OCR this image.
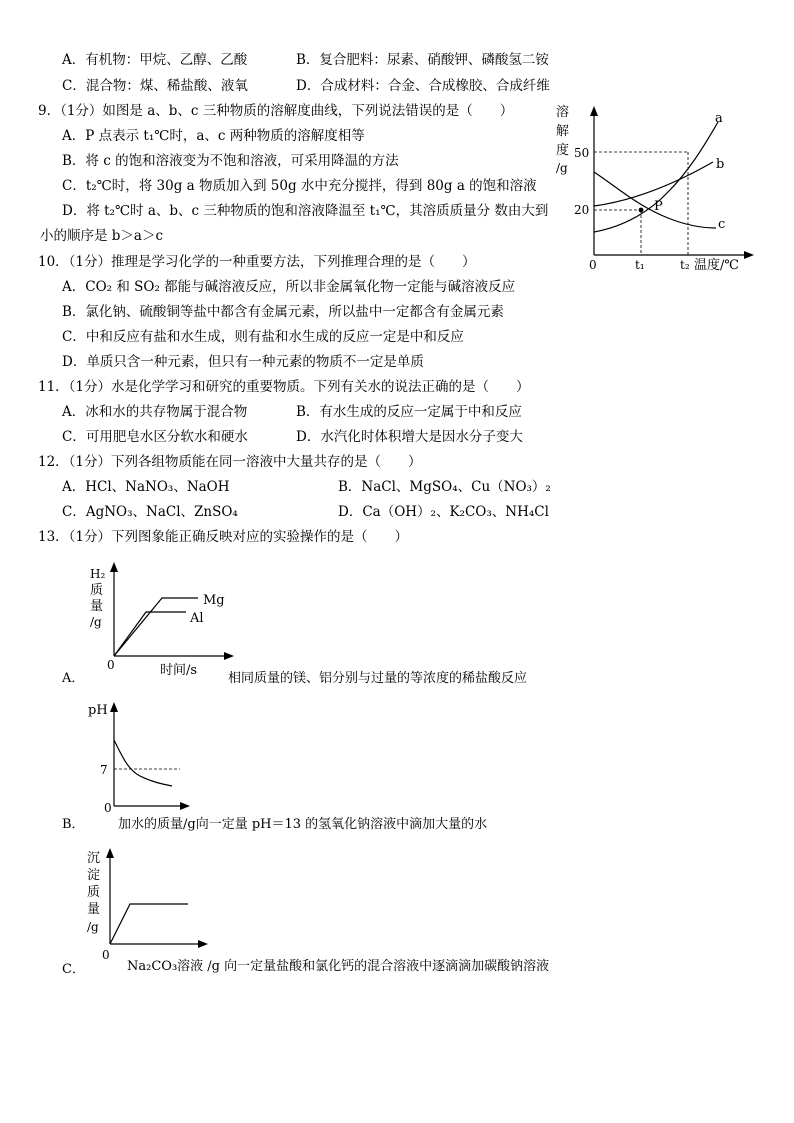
A．有机物：甲烷、乙醇、乙酸	B．复合肥料：尿素、硝酸钾、磷酸氢二铵
C．混合物：煤、稀盐酸、液氧	D．合成材料：合金、合成橡胶、合成纤维
9．（1分）如图是 a、b、c 三种物质的溶解度曲线，下列说法错误的是（　　）
A．P 点表示 t₁℃时，a、c 两种物质的溶解度相等
B．将 c 的饱和溶液变为不饱和溶液，可采用降温的方法
C．t₂℃时，将 30g a 物质加入到 50g 水中充分搅拌，得到 80g a 的饱和溶液
D．将 t₂℃时 a、b、c 三种物质的饱和溶液降温至 t₁℃，其溶质质量分 数由大到
小的顺序是 b＞a＞c
溶
解
度
/g
50
20
0	t₁	t₂ 温度/℃
P
a
b
c
10．（1分）推理是学习化学的一种重要方法，下列推理合理的是（　　）
A．CO₂ 和 SO₂ 都能与碱溶液反应，所以非金属氧化物一定能与碱溶液反应
B．氯化钠、硫酸铜等盐中都含有金属元素，所以盐中一定都含有金属元素
C．中和反应有盐和水生成，则有盐和水生成的反应一定是中和反应
D．单质只含一种元素，但只有一种元素的物质不一定是单质
11．（1分）水是化学学习和研究的重要物质。下列有关水的说法正确的是（　　）
A．冰和水的共存物属于混合物	B．有水生成的反应一定属于中和反应
C．可用肥皂水区分软水和硬水	D．水汽化时体积增大是因水分子变大
12．（1分）下列各组物质能在同一溶液中大量共存的是（　　）
A．HCl、NaNO₃、NaOH	B．NaCl、MgSO₄、Cu（NO₃）₂
C．AgNO₃、NaCl、ZnSO₄	D．Ca（OH）₂、K₂CO₃、NH₄Cl
13．（1分）下列图象能正确反映对应的实验操作的是（　　）
H₂
质
量
/g
0	时间/s
Mg
Al
A．	相同质量的镁、铝分别与过量的等浓度的稀盐酸反应
pH
7
0
B．	加水的质量/g向一定量 pH＝13 的氢氧化钠溶液中滴加大量的水
沉
淀
质
量
/g
0
C．	Na₂CO₃溶液 /g 向一定量盐酸和氯化钙的混合溶液中逐滴滴加碳酸钠溶液
